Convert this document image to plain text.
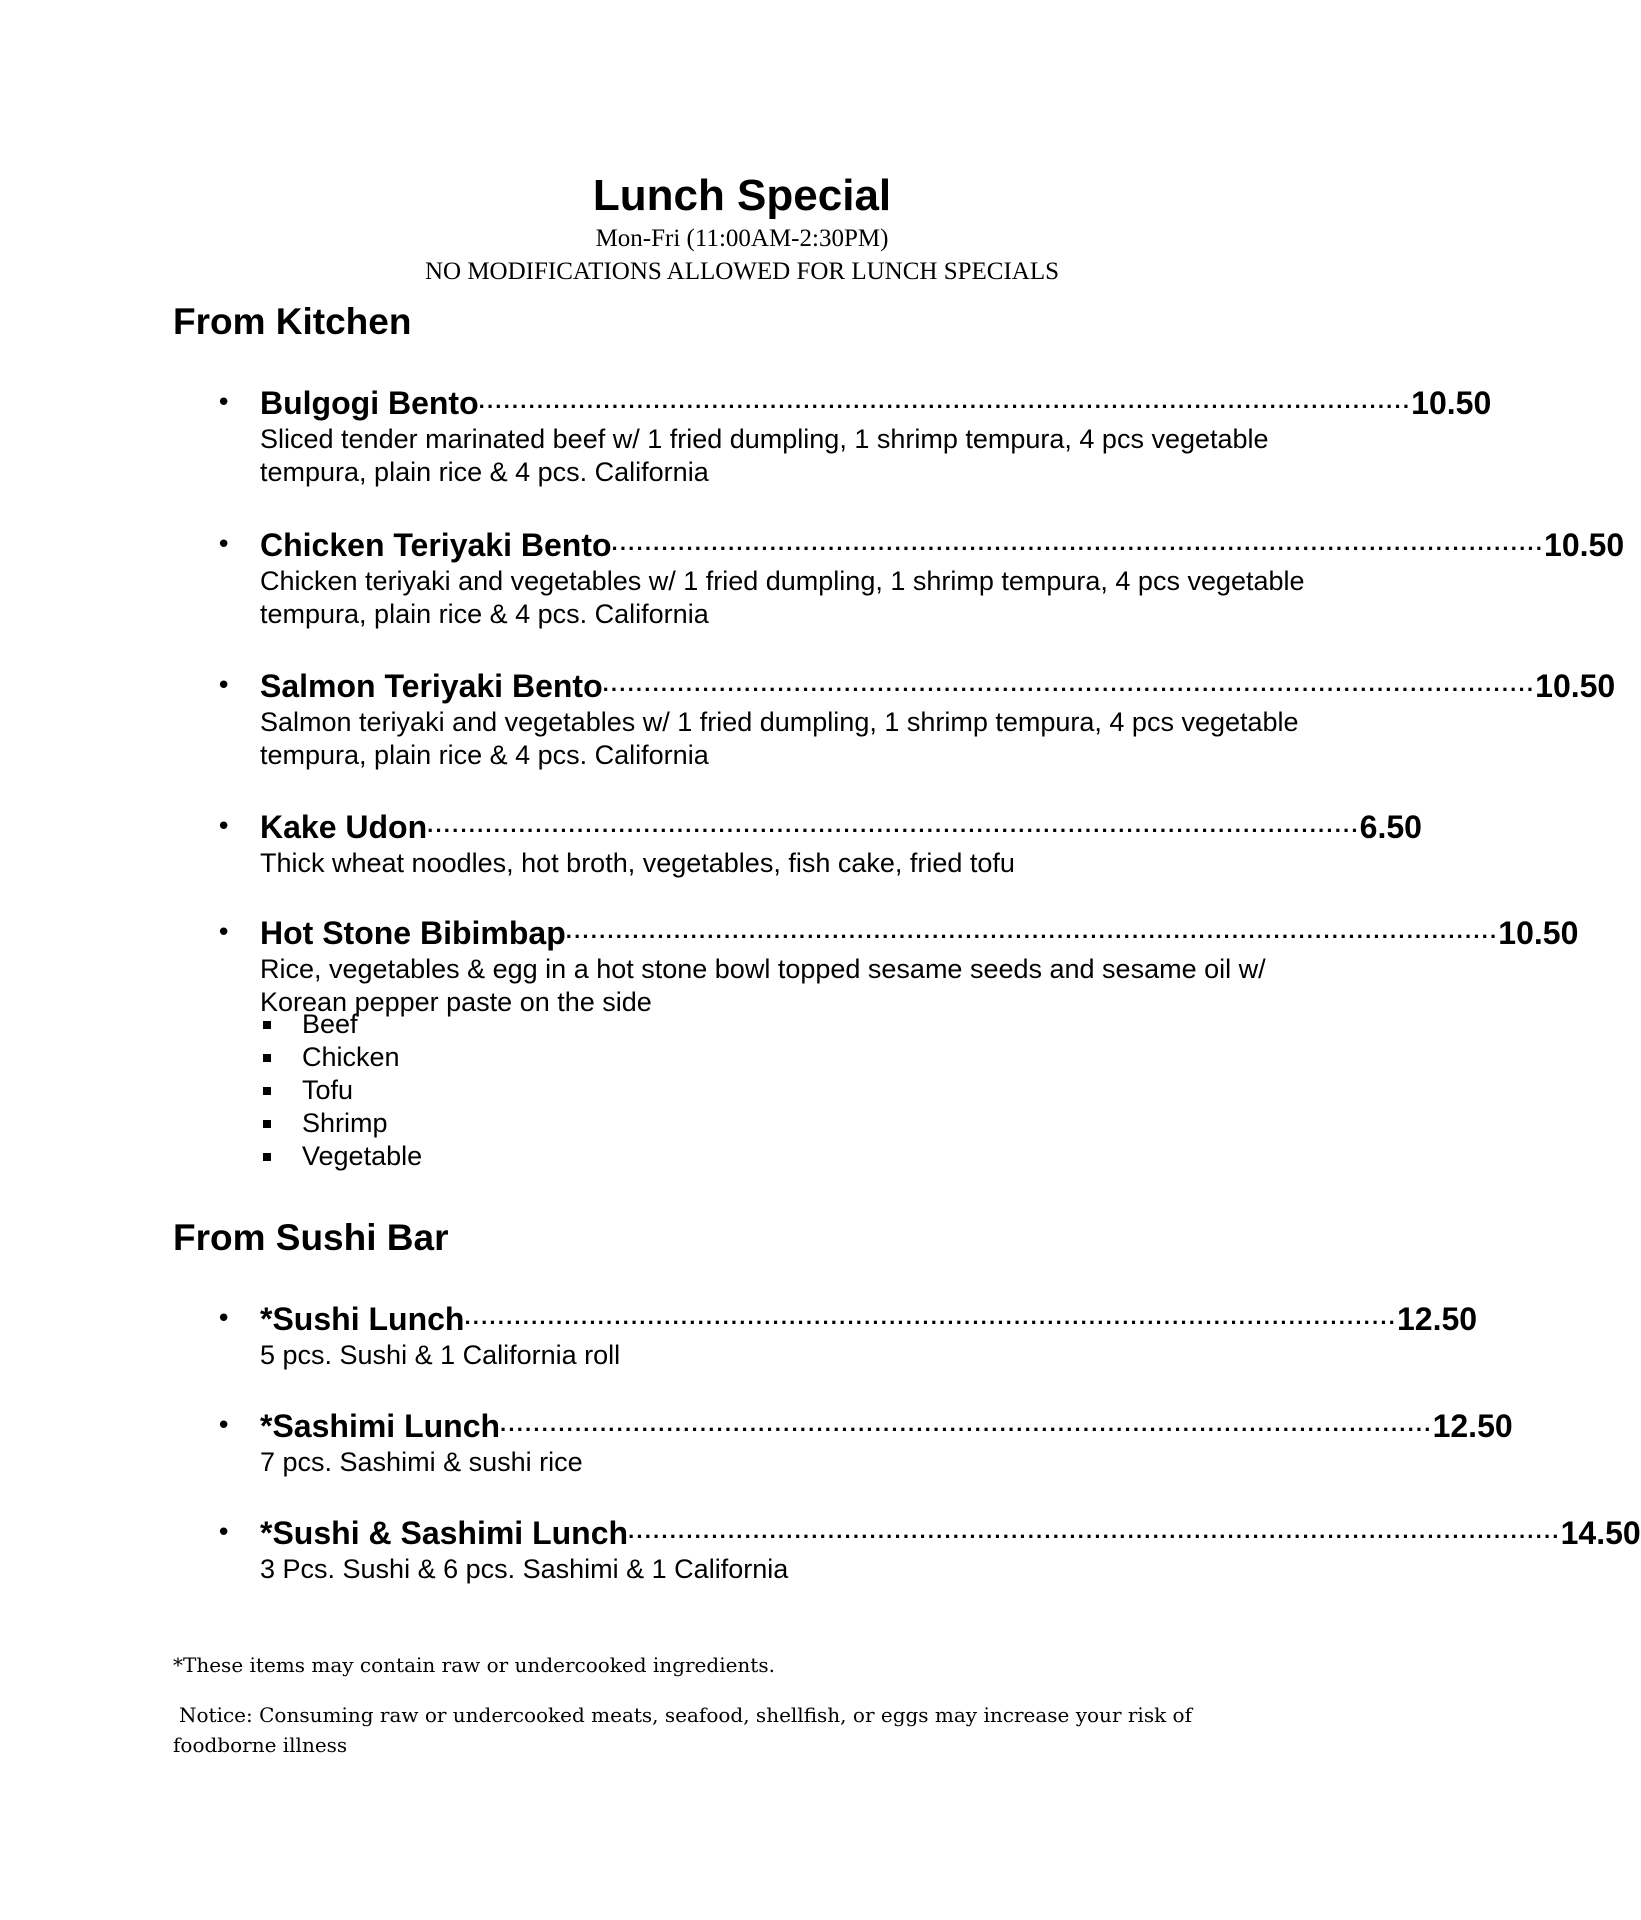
Lunch Special
Mon-Fri (11:00AM-2:30PM)
NO MODIFICATIONS ALLOWED FOR LUNCH SPECIALS
From Kitchen
• Bulgogi Bento ················································································································ 10.50
Sliced tender marinated beef w/ 1 fried dumpling, 1 shrimp tempura, 4 pcs vegetable tempura, plain rice & 4 pcs. California
• Chicken Teriyaki Bento ················································································································ 10.50
Chicken teriyaki and vegetables w/ 1 fried dumpling, 1 shrimp tempura, 4 pcs vegetable tempura, plain rice & 4 pcs. California
• Salmon Teriyaki Bento ················································································································ 10.50
Salmon teriyaki and vegetables w/ 1 fried dumpling, 1 shrimp tempura, 4 pcs vegetable tempura, plain rice & 4 pcs. California
• Kake Udon ················································································································ 6.50
Thick wheat noodles, hot broth, vegetables, fish cake, fried tofu
• Hot Stone Bibimbap ················································································································ 10.50
Rice, vegetables & egg in a hot stone bowl topped sesame seeds and sesame oil w/ Korean pepper paste on the side
Beef
Chicken
Tofu
Shrimp
Vegetable
From Sushi Bar
• *Sushi Lunch ················································································································ 12.50
5 pcs. Sushi & 1 California roll
• *Sashimi Lunch ················································································································ 12.50
7 pcs. Sashimi & sushi rice
• *Sushi & Sashimi Lunch ················································································································ 14.50
3 Pcs. Sushi & 6 pcs. Sashimi & 1 California
*These items may contain raw or undercooked ingredients.
Notice: Consuming raw or undercooked meats, seafood, shellfish, or eggs may increase your risk of foodborne illness
